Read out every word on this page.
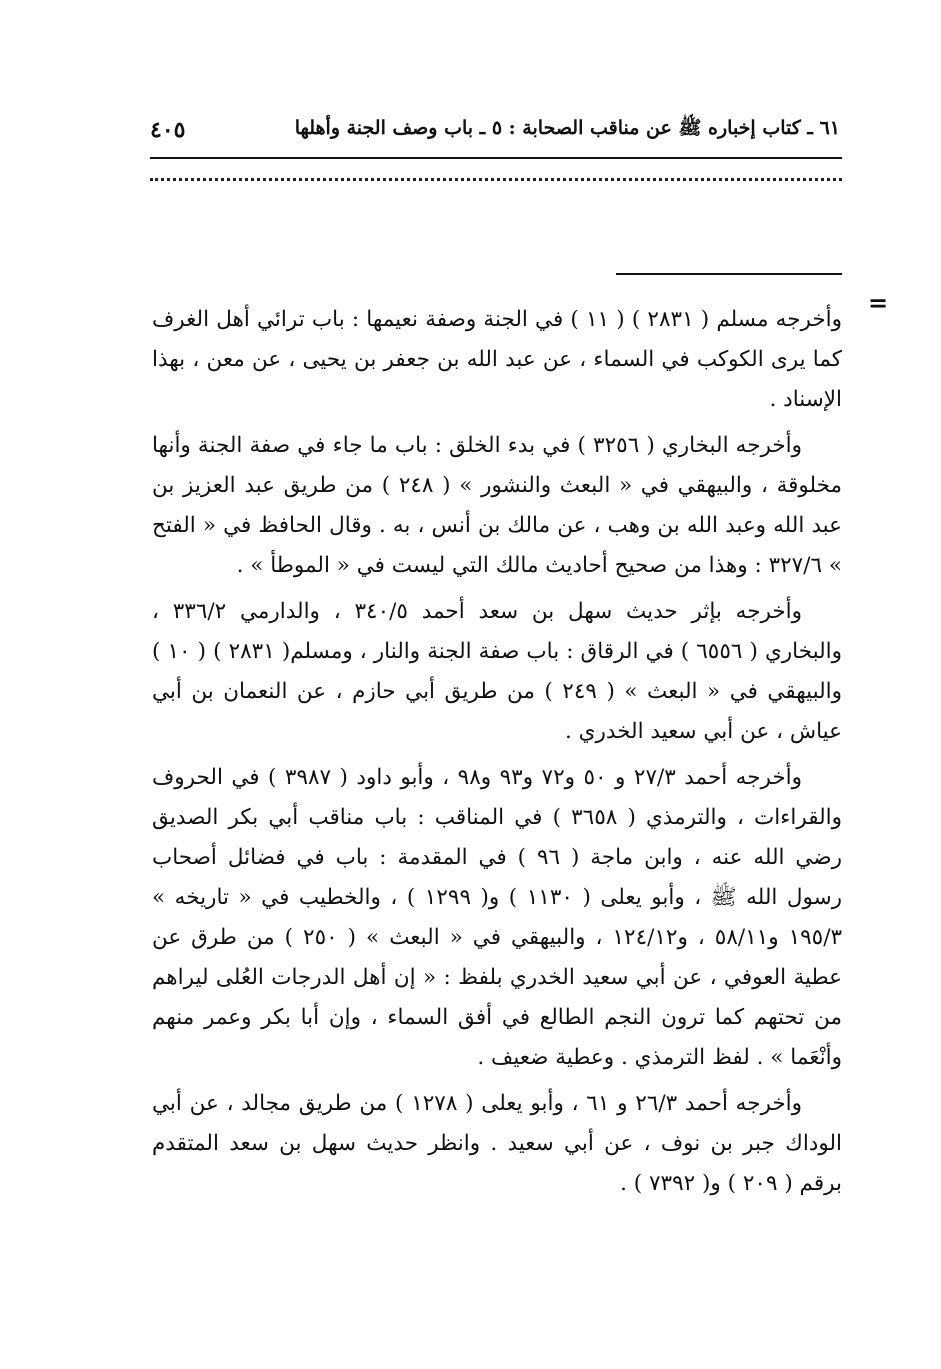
٦١ ـ كتاب إخباره ﷺ عن مناقب الصحابة : ٥ ـ باب وصف الجنة وأهلها
٤٠٥
=

وأخرجه مسلم ( ٢٨٣١ ) ( ١١ ) في الجنة وصفة نعيمها : باب ترائي أهل الغرف كما يرى الكوكب في السماء ، عن عبد الله بن جعفر بن يحيى ، عن معن ، بهذا الإسناد .

وأخرجه البخاري ( ٣٢٥٦ ) في بدء الخلق : باب ما جاء في صفة الجنة وأنها مخلوقة ، والبيهقي في « البعث والنشور » ( ٢٤٨ ) من طريق عبد العزيز بن عبد الله وعبد الله بن وهب ، عن مالك بن أنس ، به . وقال الحافظ في « الفتح » ٣٢٧/٦ : وهذا من صحيح أحاديث مالك التي ليست في « الموطأ » .

وأخرجه بإثر حديث سهل بن سعد أحمد ٣٤٠/٥ ، والدارمي ٣٣٦/٢ ، والبخاري ( ٦٥٥٦ ) في الرقاق : باب صفة الجنة والنار ، ومسلم( ٢٨٣١ ) ( ١٠ ) والبيهقي في « البعث » ( ٢٤٩ ) من طريق أبي حازم ، عن النعمان بن أبي عياش ، عن أبي سعيد الخدري .

وأخرجه أحمد ٢٧/٣ و ٥٠ و٧٢ و٩٣ و٩٨ ، وأبو داود ( ٣٩٨٧ ) في الحروف والقراءات ، والترمذي ( ٣٦٥٨ ) في المناقب : باب مناقب أبي بكر الصديق رضي الله عنه ، وابن ماجة ( ٩٦ ) في المقدمة : باب في فضائل أصحاب رسول الله ﷺ ، وأبو يعلى ( ١١٣٠ ) و( ١٢٩٩ ) ، والخطيب في « تاريخه » ١٩٥/٣ و٥٨/١١ ، و١٢٤/١٢ ، والبيهقي في « البعث » ( ٢٥٠ ) من طرق عن عطية العوفي ، عن أبي سعيد الخدري بلفظ : « إن أهل الدرجات العُلى ليراهم من تحتهم كما ترون النجم الطالع في أفق السماء ، وإن أبا بكر وعمر منهم وأنْعَما » . لفظ الترمذي . وعطية ضعيف .

وأخرجه أحمد ٢٦/٣ و ٦١ ، وأبو يعلى ( ١٢٧٨ ) من طريق مجالد ، عن أبي الوداك جبر بن نوف ، عن أبي سعيد . وانظر حديث سهل بن سعد المتقدم برقم ( ٢٠٩ ) و( ٧٣٩٢ ) .
